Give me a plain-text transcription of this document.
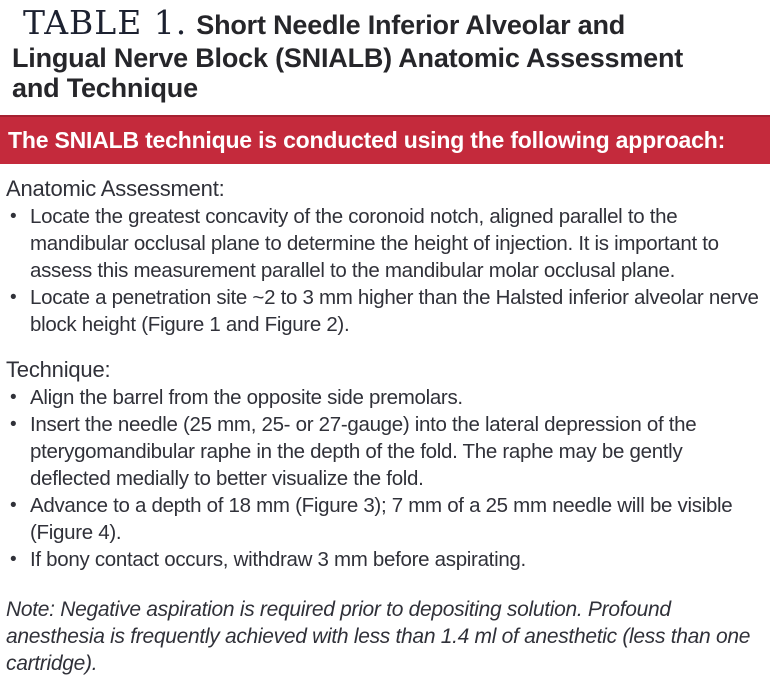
TABLE 1. Short Needle Inferior Alveolar and
Lingual Nerve Block (SNIALB) Anatomic Assessment
and Technique
The SNIALB technique is conducted using the following approach:
Anatomic Assessment:
• Locate the greatest concavity of the coronoid notch, aligned parallel to the mandibular occlusal plane to determine the height of injection. It is important to assess this measurement parallel to the mandibular molar occlusal plane.
• Locate a penetration site ~2 to 3 mm higher than the Halsted inferior alveolar nerve block height (Figure 1 and Figure 2).
Technique:
• Align the barrel from the opposite side premolars.
• Insert the needle (25 mm, 25- or 27-gauge) into the lateral depression of the pterygomandibular raphe in the depth of the fold. The raphe may be gently deflected medially to better visualize the fold.
• Advance to a depth of 18 mm (Figure 3); 7 mm of a 25 mm needle will be visible (Figure 4).
• If bony contact occurs, withdraw 3 mm before aspirating.
Note: Negative aspiration is required prior to depositing solution. Profound anesthesia is frequently achieved with less than 1.4 ml of anesthetic (less than one cartridge).
